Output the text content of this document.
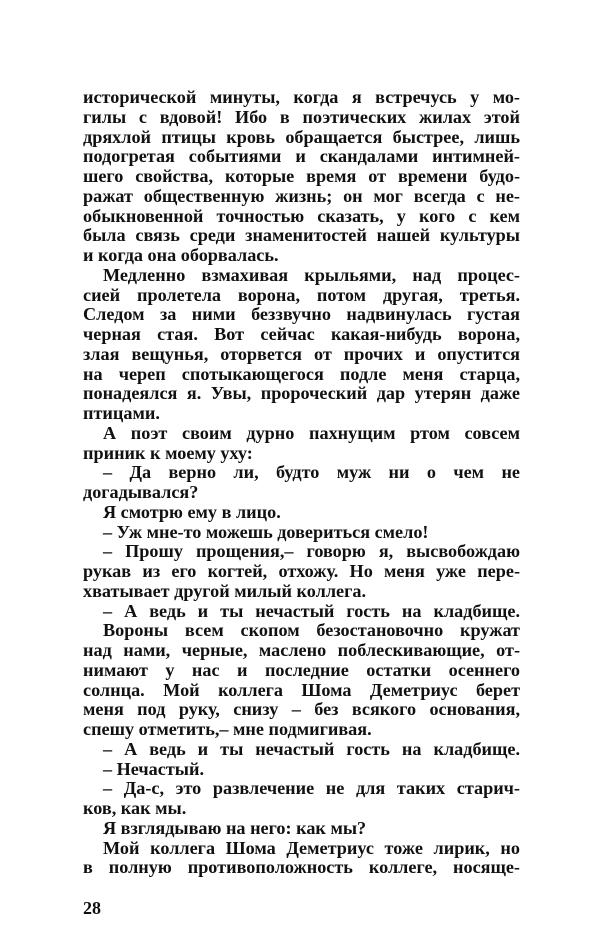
исторической минуты, когда я встречусь у мо-
гилы с вдовой! Ибо в поэтических жилах этой
дряхлой птицы кровь обращается быстрее, лишь
подогретая событиями и скандалами интимней-
шего свойства, которые время от времени будо-
ражат общественную жизнь; он мог всегда с не-
обыкновенной точностью сказать, у кого с кем
была связь среди знаменитостей нашей культуры
и когда она оборвалась.
Медленно взмахивая крыльями, над процес-
сией пролетела ворона, потом другая, третья.
Следом за ними беззвучно надвинулась густая
черная стая. Вот сейчас какая-нибудь ворона,
злая вещунья, оторвется от прочих и опустится
на череп спотыкающегося подле меня старца,
понадеялся я. Увы, пророческий дар утерян даже
птицами.
А поэт своим дурно пахнущим ртом совсем
приник к моему уху:
– Да верно ли, будто муж ни о чем не
догадывался?
Я смотрю ему в лицо.
– Уж мне-то можешь довериться смело!
– Прошу прощения,– говорю я, высвобождаю
рукав из его когтей, отхожу. Но меня уже пере-
хватывает другой милый коллега.
– А ведь и ты нечастый гость на кладбище.
Вороны всем скопом безостановочно кружат
над нами, черные, маслено поблескивающие, от-
нимают у нас и последние остатки осеннего
солнца. Мой коллега Шома Деметриус берет
меня под руку, снизу – без всякого основания,
спешу отметить,– мне подмигивая.
– А ведь и ты нечастый гость на кладбище.
– Нечастый.
– Да-с, это развлечение не для таких старич-
ков, как мы.
Я взглядываю на него: как мы?
Мой коллега Шома Деметриус тоже лирик, но
в полную противоположность коллеге, носяще-
28
